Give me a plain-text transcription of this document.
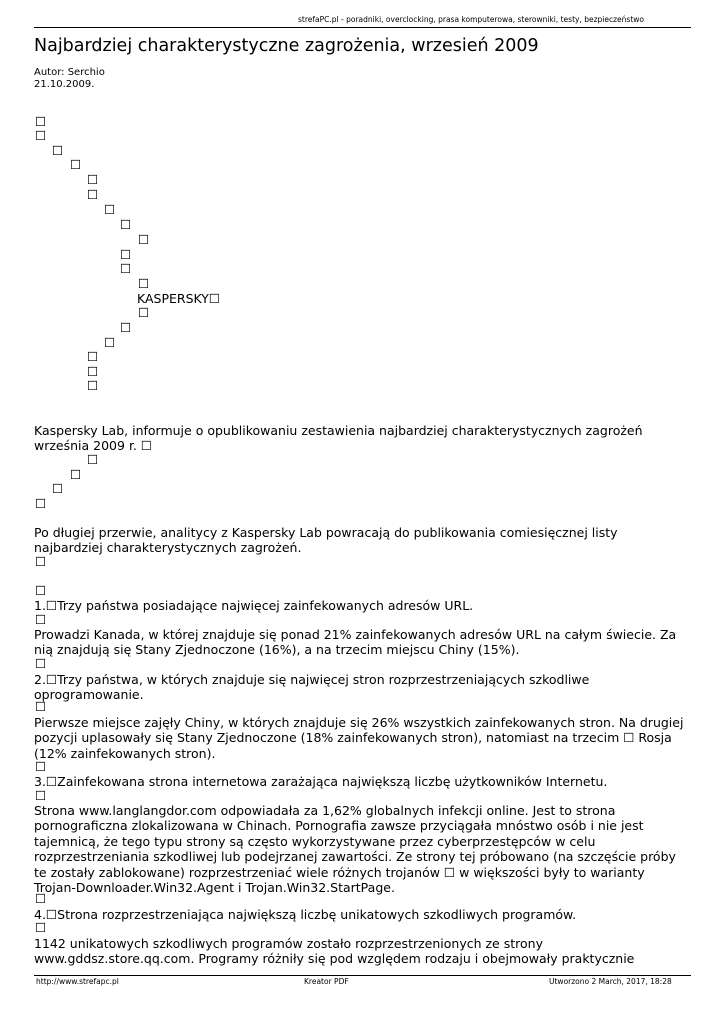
strefaPC.pl - poradniki, overclocking, prasa komputerowa, sterowniki, testy, bezpieczeństwo
Najbardziej charakterystyczne zagrożenia, wrzesień 2009
Autor: Serchio
21.10.2009.
☐
☐
☐
☐
☐
☐
☐
☐
☐
☐
☐
☐
KASPERSKY☐
☐
☐
☐
☐
☐
☐
Kaspersky Lab, informuje o opublikowaniu zestawienia najbardziej charakterystycznych zagrożeń września 2009 r. ☐
☐
☐
☐
☐
Po długiej przerwie, analitycy z Kaspersky Lab powracają do publikowania comiesięcznej listy najbardziej charakterystycznych zagrożeń.
☐
☐
1.☐Trzy państwa posiadające najwięcej zainfekowanych adresów URL.
☐
Prowadzi Kanada, w której znajduje się ponad 21% zainfekowanych adresów URL na całym świecie. Za nią znajdują się Stany Zjednoczone (16%), a na trzecim miejscu Chiny (15%).
☐
2.☐Trzy państwa, w których znajduje się najwięcej stron rozprzestrzeniających szkodliwe oprogramowanie.
☐
Pierwsze miejsce zajęły Chiny, w których znajduje się 26% wszystkich zainfekowanych stron. Na drugiej pozycji uplasowały się Stany Zjednoczone (18% zainfekowanych stron), natomiast na trzecim ☐ Rosja (12% zainfekowanych stron).
☐
3.☐Zainfekowana strona internetowa zarażająca największą liczbę użytkowników Internetu.
☐
Strona www.langlangdor.com odpowiadała za 1,62% globalnych infekcji online. Jest to strona pornograficzna zlokalizowana w Chinach. Pornografia zawsze przyciągała mnóstwo osób i nie jest tajemnicą, że tego typu strony są często wykorzystywane przez cyberprzestępców w celu rozprzestrzeniania szkodliwej lub podejrzanej zawartości. Ze strony tej próbowano (na szczęście próby te zostały zablokowane) rozprzestrzeniać wiele różnych trojanów ☐ w większości były to warianty Trojan-Downloader.Win32.Agent i Trojan.Win32.StartPage.
☐
4.☐Strona rozprzestrzeniająca największą liczbę unikatowych szkodliwych programów.
☐
1142 unikatowych szkodliwych programów zostało rozprzestrzenionych ze strony www.gddsz.store.qq.com. Programy różniły się pod względem rodzaju i obejmowały praktycznie
http://www.strefapc.pl	Kreator PDF	Utworzono 2 March, 2017, 18:28
